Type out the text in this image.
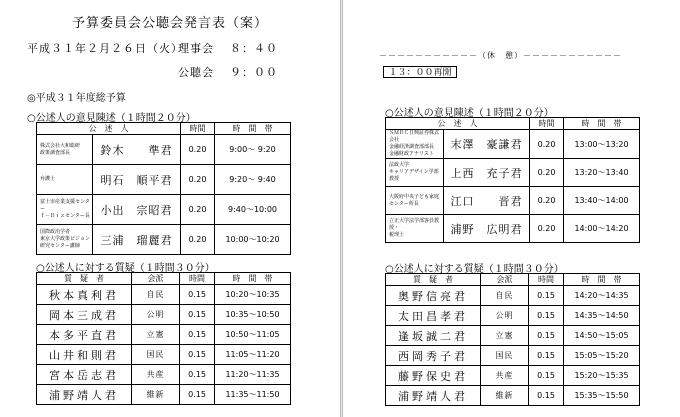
予算委員会公聴会発言表（案）
平成３１年２月２６日（火）
理事会 ８：４０
公聴会 ９：００
◎平成３１年度総予算
○公述人の意見陳述（１時間２０分）
公　述　人		時間	時　間　帯
株式会社大和総研
政策調査部長	鈴木　　準君	0.20	9:00～ 9:20
弁護士	明石　順平君	0.20	9:20～ 9:40
富士市産業支援センター
ｆ－Ｂｉｚセンター長	小出　宗昭君	0.20	9:40～10:00
国際政治学者
東京大学政策ビジョン研究センター講師	三浦　瑠麗君	0.20	10:00～10:20
○公述人に対する質疑（１時間３０分）
質　疑　者	会派	時間	時　間　帯
秋本真利君	自民	0.15	10:20～10:35
岡本三成君	公明	0.15	10:35～10:50
本多平直君	立憲	0.15	10:50～11:05
山井和則君	国民	0.15	11:05～11:20
宮本岳志君	共産	0.15	11:20～11:35
浦野靖人君	維新	0.15	11:35～11:50
－－－－－－－－－－－（休　憩）－－－－－－－－－－－
１３：００再開
○公述人の意見陳述（１時間２０分）
公　述　人		時間	時　間　帯
ＳＭＢＣ日興証券株式会社
金融経済調査部部長
金融財政アナリスト	末澤　豪謙君	0.20	13:00～13:20
法政大学
キャリアデザイン学部教授	上西　充子君	0.20	13:20～13:40
大阪府中央子ども家庭センター所長	江口　　晋君	0.20	13:40～14:00
立正大学法学部客員教授・
税理士	浦野　広明君	0.20	14:00～14:20
○公述人に対する質疑（１時間３０分）
質　疑　者	会派	時間	時　間　帯
奥野信亮君	自民	0.15	14:20～14:35
太田昌孝君	公明	0.15	14:35～14:50
逢坂誠二君	立憲	0.15	14:50～15:05
西岡秀子君	国民	0.15	15:05～15:20
藤野保史君	共産	0.15	15:20～15:35
浦野靖人君	維新	0.15	15:35～15:50
